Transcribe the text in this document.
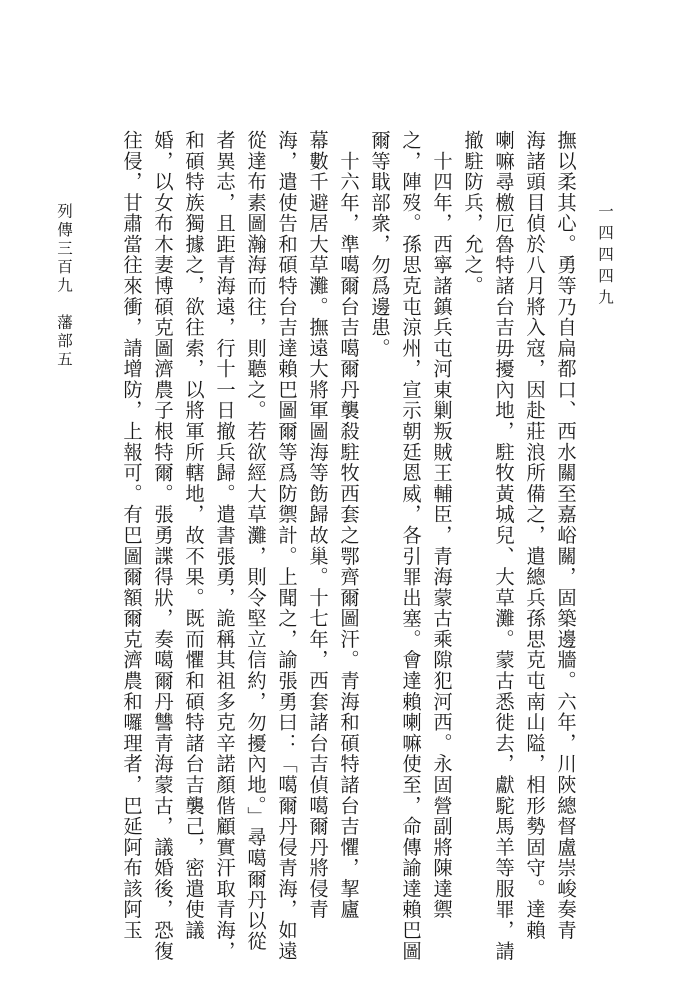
一四四四九
撫以柔其心。勇等乃自扁都口、西水關至嘉峪關，固築邊牆。六年，川陝總督盧崇峻奏青
海諸頭目偵於八月將入寇，因赴莊浪所備之，遣總兵孫思克屯南山隘，相形勢固守。達賴
喇嘛尋檄厄魯特諸台吉毋擾內地，駐牧黃城兒、大草灘。蒙古悉徙去，獻駝馬羊等服罪，請
撤駐防兵，允之。
　十四年，西寧諸鎮兵屯河東剿叛賊王輔臣，青海蒙古乘隙犯河西。永固營副將陳達禦
之，陣歿。孫思克屯涼州，宣示朝廷恩威，各引罪出塞。會達賴喇嘛使至，命傳諭達賴巴圖
爾等戢部衆，勿爲邊患。
　十六年，準噶爾台吉噶爾丹襲殺駐牧西套之鄂齊爾圖汗。青海和碩特諸台吉懼，挈廬
幕數千避居大草灘。撫遠大將軍圖海等飭歸故巢。十七年，西套諸台吉偵噶爾丹將侵青
海，遣使告和碩特台吉達賴巴圖爾等爲防禦計。上聞之，諭張勇曰：「噶爾丹侵青海，如遠
從達布素圖瀚海而往，則聽之。若欲經大草灘，則令堅立信約，勿擾內地。」尋噶爾丹以從
者異志，且距青海遠，行十一日撤兵歸。遣書張勇，詭稱其祖多克辛諾顏偕顧實汗取青海，
和碩特族獨據之，欲往索，以將軍所轄地，故不果。既而懼和碩特諸台吉襲己，密遣使議
婚，以女布木妻博碩克圖濟農子根特爾。張勇諜得狀，奏噶爾丹讐青海蒙古，議婚後，恐復
往侵，甘肅當往來衝，請增防，上報可。有巴圖爾額爾克濟農和囉理者，巴延阿布該阿玉
列傳三百九　藩部五
